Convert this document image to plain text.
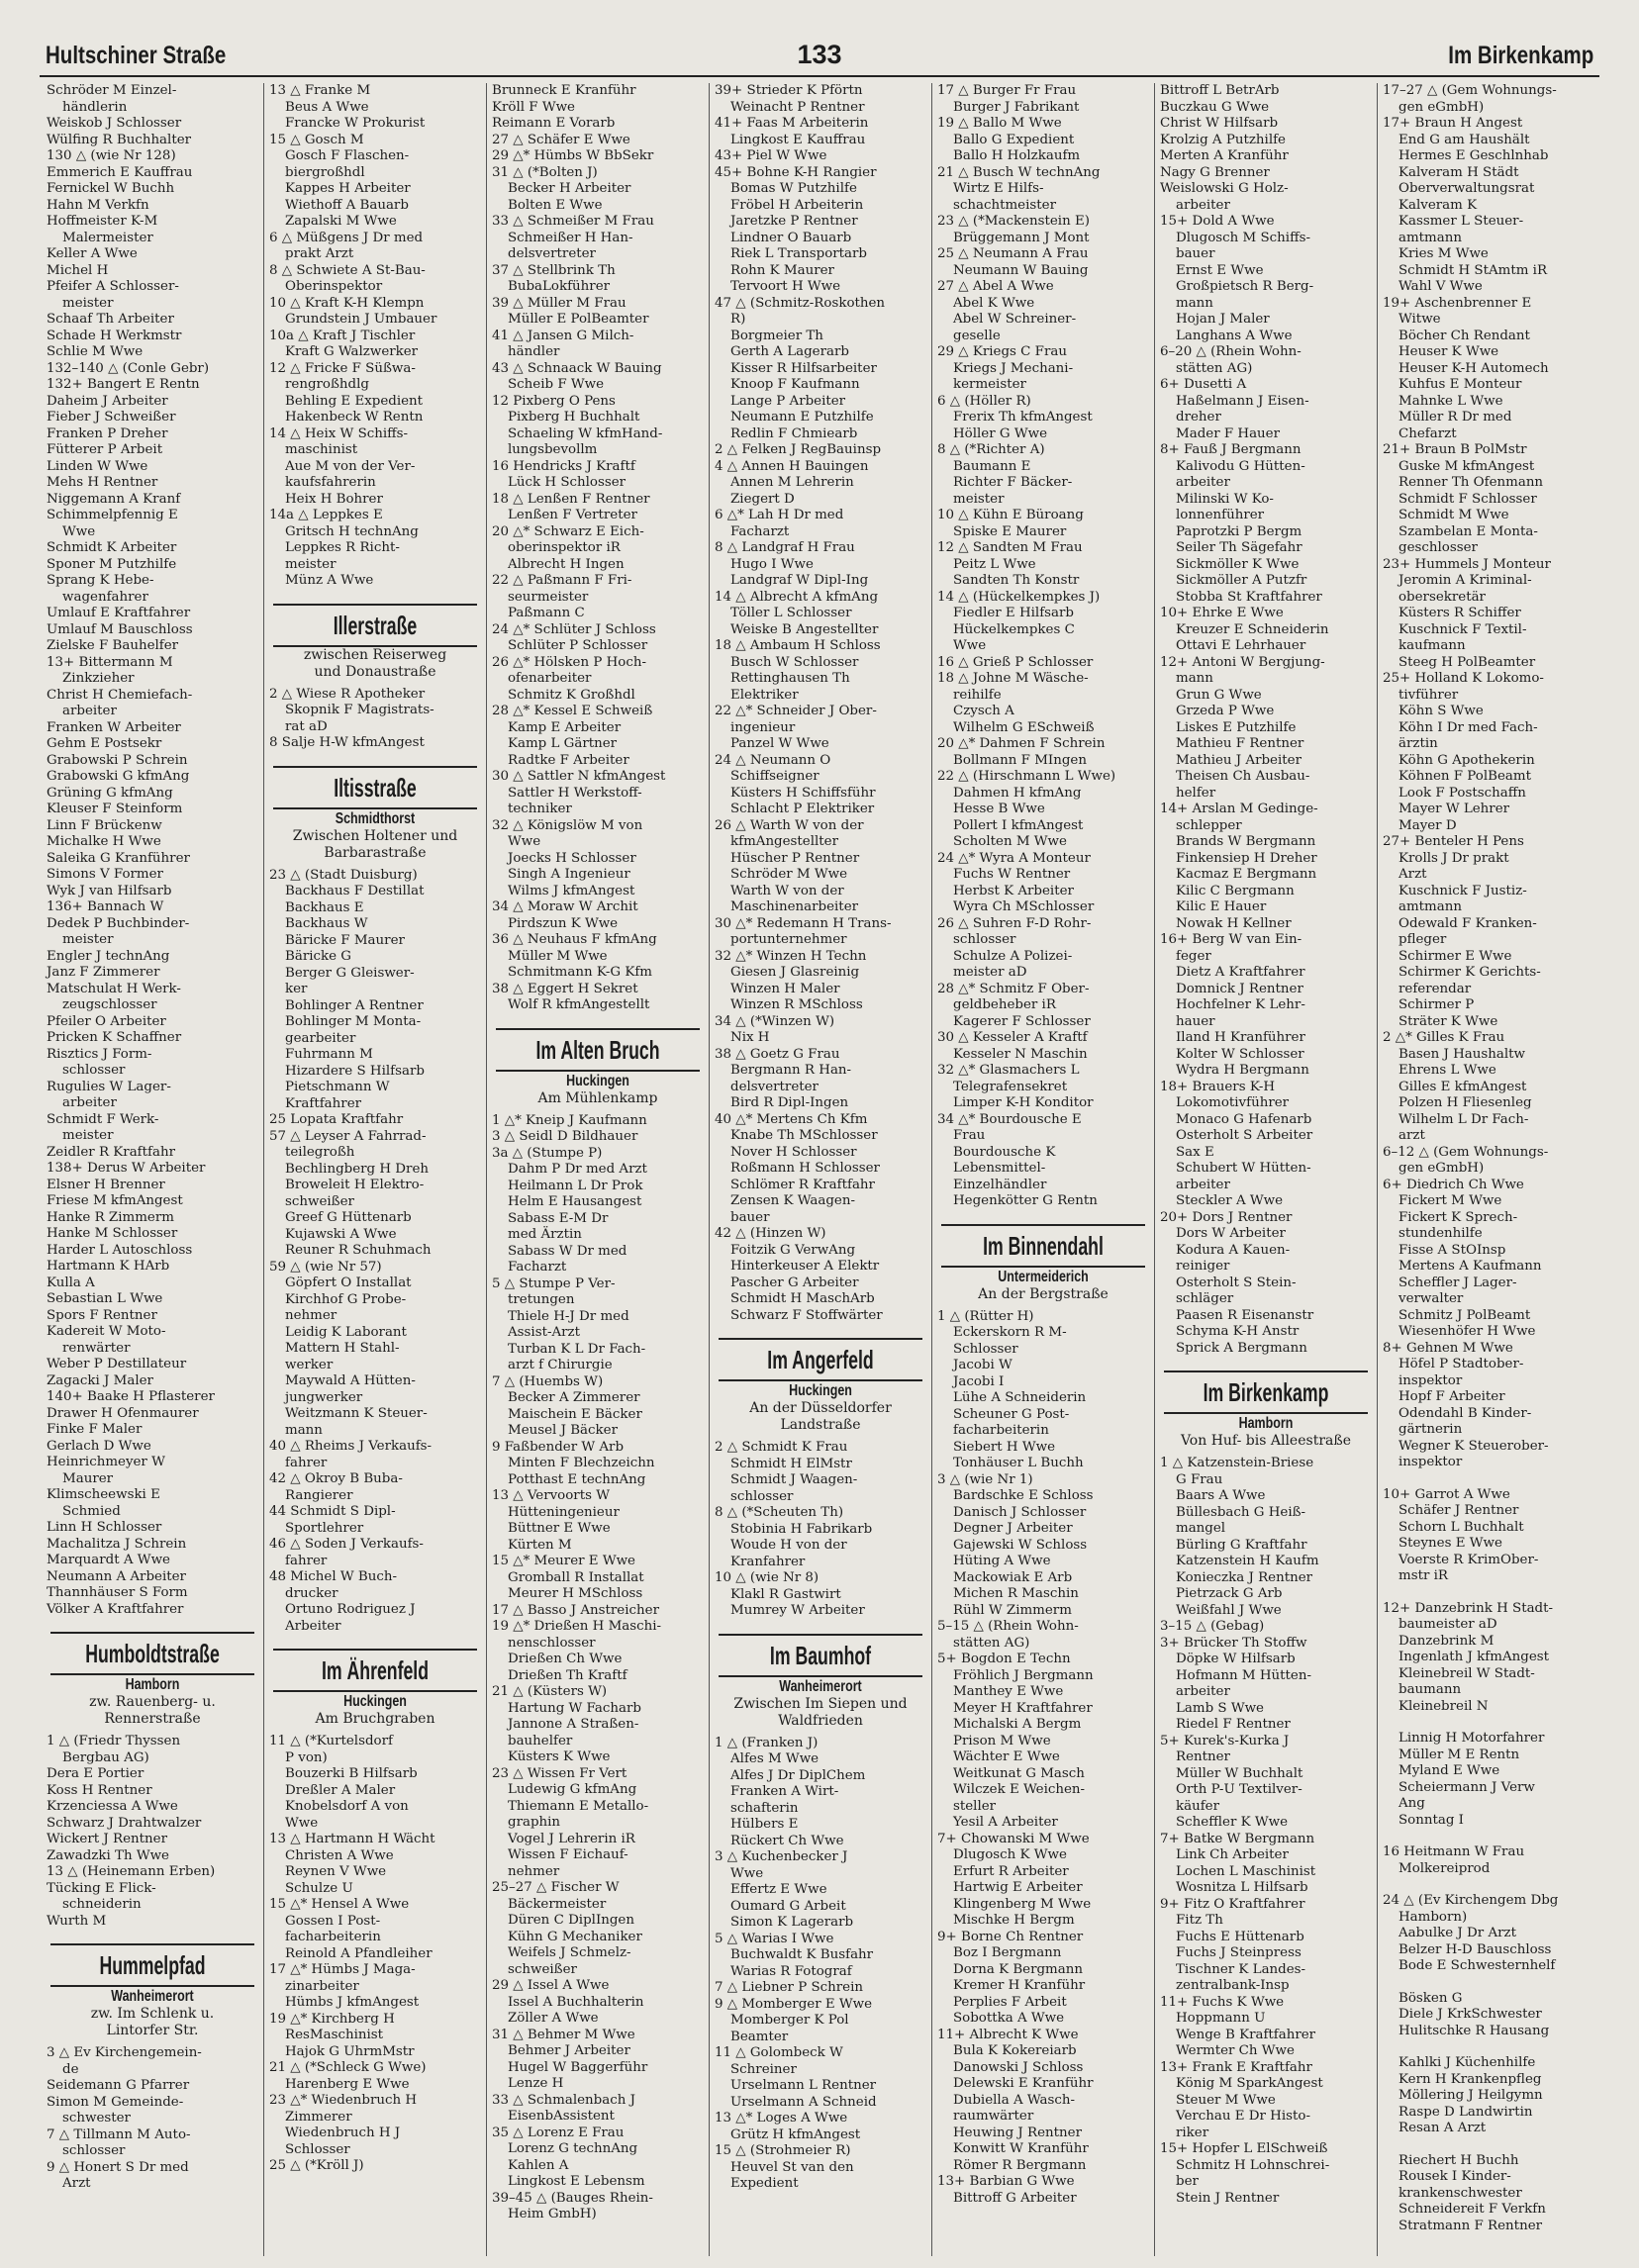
Hultschiner Straße	133	Im Birkenkamp
Schröder M Einzel-
händlerin
Weiskob J Schlosser
Wülfing R Buchhalter
130 △ (wie Nr 128)
Emmerich E Kauffrau
Fernickel W Buchh
Hahn M Verkfn
Hoffmeister K-M
Malermeister
Keller A Wwe
Michel H
Pfeifer A Schlosser-
meister
Schaaf Th Arbeiter
Schade H Werkmstr
Schlie M Wwe
132–140 △ (Conle Gebr)
132+ Bangert E Rentn
Daheim J Arbeiter
Fieber J Schweißer
Franken P Dreher
Fütterer P Arbeit
Linden W Wwe
Mehs H Rentner
Niggemann A Kranf
Schimmelpfennig E
Wwe
Schmidt K Arbeiter
Sponer M Putzhilfe
Sprang K Hebe-
wagenfahrer
Umlauf E Kraftfahrer
Umlauf M Bauschloss
Zielske F Bauhelfer
13+ Bittermann M
Zinkzieher
Christ H Chemiefach-
arbeiter
Franken W Arbeiter
Gehm E Postsekr
Grabowski P Schrein
Grabowski G kfmAng
Grüning G kfmAng
Kleuser F Steinform
Linn F Brückenw
Michalke H Wwe
Saleika G Kranführer
Simons V Former
Wyk J van Hilfsarb
136+ Bannach W
Dedek P Buchbinder-
meister
Engler J technAng
Janz F Zimmerer
Matschulat H Werk-
zeugschlosser
Pfeiler O Arbeiter
Pricken K Schaffner
Risztics J Form-
schlosser
Rugulies W Lager-
arbeiter
Schmidt F Werk-
meister
Zeidler R Kraftfahr
138+ Derus W Arbeiter
Elsner H Brenner
Friese M kfmAngest
Hanke R Zimmerm
Hanke M Schlosser
Harder L Autoschloss
Hartmann K HArb
Kulla A
Sebastian L Wwe
Spors F Rentner
Kadereit W Moto-
renwärter
Weber P Destillateur
Zagacki J Maler
140+ Baake H Pflasterer
Drawer H Ofenmaurer
Finke F Maler
Gerlach D Wwe
Heinrichmeyer W
Maurer
Klimscheewski E
Schmied
Linn H Schlosser
Machalitza J Schrein
Marquardt A Wwe
Neumann A Arbeiter
Thannhäuser S Form
Völker A Kraftfahrer
Humboldtstraße
Hamborn
zw. Rauenberg- u.
Rennerstraße
1 △ (Friedr Thyssen
Bergbau AG)
Dera E Portier
Koss H Rentner
Krzenciessa A Wwe
Schwarz J Drahtwalzer
Wickert J Rentner
Zawadzki Th Wwe
13 △ (Heinemann Erben)
Tücking E Flick-
schneiderin
Wurth M
Hummelpfad
Wanheimerort
zw. Im Schlenk u.
Lintorfer Str.
3 △ Ev Kirchengemein-
de
Seidemann G Pfarrer
Simon M Gemeinde-
schwester
7 △ Tillmann M Auto-
schlosser
9 △ Honert S Dr med
Arzt
13 △ Franke M
Beus A Wwe
Francke W Prokurist
15 △ Gosch M
Gosch F Flaschen-
biergroßhdl
Kappes H Arbeiter
Wiethoff A Bauarb
Zapalski M Wwe
6 △ Müßgens J Dr med
prakt Arzt
8 △ Schwiete A St-Bau-
Oberinspektor
10 △ Kraft K-H Klempn
Grundstein J Umbauer
10a △ Kraft J Tischler
Kraft G Walzwerker
12 △ Fricke F Süßwa-
rengroßhdlg
Behling E Expedient
Hakenbeck W Rentn
14 △ Heix W Schiffs-
maschinist
Aue M von der Ver-
kaufsfahrerin
Heix H Bohrer
14a △ Leppkes E
Gritsch H technAng
Leppkes R Richt-
meister
Münz A Wwe
Illerstraße
zwischen Reiserweg
und Donaustraße
2 △ Wiese R Apotheker
Skopnik F Magistrats-
rat aD
8 Salje H-W kfmAngest
Iltisstraße
Schmidthorst
Zwischen Holtener und
Barbarastraße
23 △ (Stadt Duisburg)
Backhaus F Destillat
Backhaus E
Backhaus W
Bäricke F Maurer
Bäricke G
Berger G Gleiswer-
ker
Bohlinger A Rentner
Bohlinger M Monta-
gearbeiter
Fuhrmann M
Hizardere S Hilfsarb
Pietschmann W
Kraftfahrer
25 Lopata Kraftfahr
57 △ Leyser A Fahrrad-
teilegroßh
Bechlingberg H Dreh
Broweleit H Elektro-
schweißer
Greef G Hüttenarb
Kujawski A Wwe
Reuner R Schuhmach
59 △ (wie Nr 57)
Göpfert O Installat
Kirchhof G Probe-
nehmer
Leidig K Laborant
Mattern H Stahl-
werker
Maywald A Hütten-
jungwerker
Weitzmann K Steuer-
mann
40 △ Rheims J Verkaufs-
fahrer
42 △ Okroy B Buba-
Rangierer
44 Schmidt S Dipl-
Sportlehrer
46 △ Soden J Verkaufs-
fahrer
48 Michel W Buch-
drucker
Ortuno Rodriguez J
Arbeiter
Im Ährenfeld
Huckingen
Am Bruchgraben
11 △ (*Kurtelsdorf
P von)
Bouzerki B Hilfsarb
Dreßler A Maler
Knobelsdorf A von
Wwe
13 △ Hartmann H Wächt
Christen A Wwe
Reynen V Wwe
Schulze U
15 △* Hensel A Wwe
Gossen I Post-
facharbeiterin
Reinold A Pfandleiher
17 △* Hümbs J Maga-
zinarbeiter
Hümbs J kfmAngest
19 △* Kirchberg H
ResMaschinist
Hajok G UhrmMstr
21 △ (*Schleck G Wwe)
Harenberg E Wwe
23 △* Wiedenbruch H
Zimmerer
Wiedenbruch H J
Schlosser
25 △ (*Kröll J)
Brunneck E Kranführ
Kröll F Wwe
Reimann E Vorarb
27 △ Schäfer E Wwe
29 △* Hümbs W BbSekr
31 △ (*Bolten J)
Becker H Arbeiter
Bolten E Wwe
33 △ Schmeißer M Frau
Schmeißer H Han-
delsvertreter
37 △ Stellbrink Th
BubaLokführer
39 △ Müller M Frau
Müller E PolBeamter
41 △ Jansen G Milch-
händler
43 △ Schnaack W Bauing
Scheib F Wwe
12 Pixberg O Pens
Pixberg H Buchhalt
Schaeling W kfmHand-
lungsbevollm
16 Hendricks J Kraftf
Lück H Schlosser
18 △ Lenßen F Rentner
Lenßen F Vertreter
20 △* Schwarz E Eich-
oberinspektor iR
Albrecht H Ingen
22 △ Paßmann F Fri-
seurmeister
Paßmann C
24 △* Schlüter J Schloss
Schlüter P Schlosser
26 △* Hölsken P Hoch-
ofenarbeiter
Schmitz K Großhdl
28 △* Kessel E Schweiß
Kamp E Arbeiter
Kamp L Gärtner
Radtke F Arbeiter
30 △ Sattler N kfmAngest
Sattler H Werkstoff-
techniker
32 △ Königslöw M von
Wwe
Joecks H Schlosser
Singh A Ingenieur
Wilms J kfmAngest
34 △ Moraw W Archit
Pirdszun K Wwe
36 △ Neuhaus F kfmAng
Müller M Wwe
Schmitmann K-G Kfm
38 △ Eggert H Sekret
Wolf R kfmAngestellt
Im Alten Bruch
Huckingen
Am Mühlenkamp
1 △* Kneip J Kaufmann
3 △ Seidl D Bildhauer
3a △ (Stumpe P)
Dahm P Dr med Arzt
Heilmann L Dr Prok
Helm E Hausangest
Sabass E-M Dr
med Ärztin
Sabass W Dr med
Facharzt
5 △ Stumpe P Ver-
tretungen
Thiele H-J Dr med
Assist-Arzt
Turban K L Dr Fach-
arzt f Chirurgie
7 △ (Huembs W)
Becker A Zimmerer
Maischein E Bäcker
Meusel J Bäcker
9 Faßbender W Arb
Minten F Blechzeichn
Potthast E technAng
13 △ Vervoorts W
Hütteningenieur
Büttner E Wwe
Kürten M
15 △* Meurer E Wwe
Gromball R Installat
Meurer H MSchloss
17 △ Basso J Anstreicher
19 △* Drießen H Maschi-
nenschlosser
Drießen Ch Wwe
Drießen Th Kraftf
21 △ (Küsters W)
Hartung W Facharb
Jannone A Straßen-
bauhelfer
Küsters K Wwe
23 △ Wissen Fr Vert
Ludewig G kfmAng
Thiemann E Metallo-
graphin
Vogel J Lehrerin iR
Wissen F Eichauf-
nehmer
25–27 △ Fischer W
Bäckermeister
Düren C DiplIngen
Kühn G Mechaniker
Weifels J Schmelz-
schweißer
29 △ Issel A Wwe
Issel A Buchhalterin
Zöller A Wwe
31 △ Behmer M Wwe
Behmer J Arbeiter
Hugel W Baggerführ
Lenze H
33 △ Schmalenbach J
EisenbAssistent
35 △ Lorenz E Frau
Lorenz G technAng
Kahlen A
Lingkost E Lebensm
39–45 △ (Bauges Rhein-
Heim GmbH)
39+ Strieder K Pförtn
Weinacht P Rentner
41+ Faas M Arbeiterin
Lingkost E Kauffrau
43+ Piel W Wwe
45+ Bohne K-H Rangier
Bomas W Putzhilfe
Fröbel H Arbeiterin
Jaretzke P Rentner
Lindner O Bauarb
Riek L Transportarb
Rohn K Maurer
Tervoort H Wwe
47 △ (Schmitz-Roskothen
R)
Borgmeier Th
Gerth A Lagerarb
Kisser R Hilfsarbeiter
Knoop F Kaufmann
Lange P Arbeiter
Neumann E Putzhilfe
Redlin F Chmiearb
2 △ Felken J RegBauinsp
4 △ Annen H Bauingen
Annen M Lehrerin
Ziegert D
6 △* Lah H Dr med
Facharzt
8 △ Landgraf H Frau
Hugo I Wwe
Landgraf W Dipl-Ing
14 △ Albrecht A kfmAng
Töller L Schlosser
Weiske B Angestellter
18 △ Ambaum H Schloss
Busch W Schlosser
Rettinghausen Th
Elektriker
22 △* Schneider J Ober-
ingenieur
Panzel W Wwe
24 △ Neumann O
Schiffseigner
Küsters H Schiffsführ
Schlacht P Elektriker
26 △ Warth W von der
kfmAngestellter
Hüscher P Rentner
Schröder M Wwe
Warth W von der
Maschinenarbeiter
30 △* Redemann H Trans-
portunternehmer
32 △* Winzen H Techn
Giesen J Glasreinig
Winzen H Maler
Winzen R MSchloss
34 △ (*Winzen W)
Nix H
38 △ Goetz G Frau
Bergmann R Han-
delsvertreter
Bird R Dipl-Ingen
40 △* Mertens Ch Kfm
Knabe Th MSchlosser
Nover H Schlosser
Roßmann H Schlosser
Schlömer R Kraftfahr
Zensen K Waagen-
bauer
42 △ (Hinzen W)
Foitzik G VerwAng
Hinterkeuser A Elektr
Pascher G Arbeiter
Schmidt H MaschArb
Schwarz F Stoffwärter
Im Angerfeld
Huckingen
An der Düsseldorfer
Landstraße
2 △ Schmidt K Frau
Schmidt H ElMstr
Schmidt J Waagen-
schlosser
8 △ (*Scheuten Th)
Stobinia H Fabrikarb
Woude H von der
Kranfahrer
10 △ (wie Nr 8)
Klakl R Gastwirt
Mumrey W Arbeiter
Im Baumhof
Wanheimerort
Zwischen Im Siepen und
Waldfrieden
1 △ (Franken J)
Alfes M Wwe
Alfes J Dr DiplChem
Franken A Wirt-
schafterin
Hülbers E
Rückert Ch Wwe
3 △ Kuchenbecker J
Wwe
Effertz E Wwe
Oumard G Arbeit
Simon K Lagerarb
5 △ Warias I Wwe
Buchwaldt K Busfahr
Warias R Fotograf
7 △ Liebner P Schrein
9 △ Momberger E Wwe
Momberger K Pol
Beamter
11 △ Golombeck W
Schreiner
Urselmann L Rentner
Urselmann A Schneid
13 △* Loges A Wwe
Grütz H kfmAngest
15 △ (Strohmeier R)
Heuvel St van den
Expedient
17 △ Burger Fr Frau
Burger J Fabrikant
19 △ Ballo M Wwe
Ballo G Expedient
Ballo H Holzkaufm
21 △ Busch W technAng
Wirtz E Hilfs-
schachtmeister
23 △ (*Mackenstein E)
Brüggemann J Mont
25 △ Neumann A Frau
Neumann W Bauing
27 △ Abel A Wwe
Abel K Wwe
Abel W Schreiner-
geselle
29 △ Kriegs C Frau
Kriegs J Mechani-
kermeister
6 △ (Höller R)
Frerix Th kfmAngest
Höller G Wwe
8 △ (*Richter A)
Baumann E
Richter F Bäcker-
meister
10 △ Kühn E Büroang
Spiske E Maurer
12 △ Sandten M Frau
Peitz L Wwe
Sandten Th Konstr
14 △ (Hückelkempkes J)
Fiedler E Hilfsarb
Hückelkempkes C
Wwe
16 △ Grieß P Schlosser
18 △ Johne M Wäsche-
reihilfe
Czysch A
Wilhelm G ESchweiß
20 △* Dahmen F Schrein
Bollmann F MIngen
22 △ (Hirschmann L Wwe)
Dahmen H kfmAng
Hesse B Wwe
Pollert I kfmAngest
Scholten M Wwe
24 △* Wyra A Monteur
Fuchs W Rentner
Herbst K Arbeiter
Wyra Ch MSchlosser
26 △ Suhren F-D Rohr-
schlosser
Schulze A Polizei-
meister aD
28 △* Schmitz F Ober-
geldbeheber iR
Kagerer F Schlosser
30 △ Kesseler A Kraftf
Kesseler N Maschin
32 △* Glasmachers L
Telegrafensekret
Limper K-H Konditor
34 △* Bourdousche E
Frau
Bourdousche K
Lebensmittel-
Einzelhändler
Hegenkötter G Rentn
Im Binnendahl
Untermeiderich
An der Bergstraße
1 △ (Rütter H)
Eckerskorn R M-
Schlosser
Jacobi W
Jacobi I
Lühe A Schneiderin
Scheuner G Post-
facharbeiterin
Siebert H Wwe
Tonhäuser L Buchh
3 △ (wie Nr 1)
Bardschke E Schloss
Danisch J Schlosser
Degner J Arbeiter
Gajewski W Schloss
Hüting A Wwe
Mackowiak E Arb
Michen R Maschin
Rühl W Zimmerm
5–15 △ (Rhein Wohn-
stätten AG)
5+ Bogdon E Techn
Fröhlich J Bergmann
Manthey E Wwe
Meyer H Kraftfahrer
Michalski A Bergm
Prison M Wwe
Wächter E Wwe
Weitkunat G Masch
Wilczek E Weichen-
steller
Yesil A Arbeiter
7+ Chowanski M Wwe
Dlugosch K Wwe
Erfurt R Arbeiter
Hartwig E Arbeiter
Klingenberg M Wwe
Mischke H Bergm
9+ Borne Ch Rentner
Boz I Bergmann
Dorna K Bergmann
Kremer H Kranführ
Perplies F Arbeit
Sobottka A Wwe
11+ Albrecht K Wwe
Bula K Kokereiarb
Danowski J Schloss
Delewski E Kranführ
Dubiella A Wasch-
raumwärter
Heuwing J Rentner
Konwitt W Kranführ
Römer R Bergmann
13+ Barbian G Wwe
Bittroff G Arbeiter
Bittroff L BetrArb
Buczkau G Wwe
Christ W Hilfsarb
Krolzig A Putzhilfe
Merten A Kranführ
Nagy G Brenner
Weislowski G Holz-
arbeiter
15+ Dold A Wwe
Dlugosch M Schiffs-
bauer
Ernst E Wwe
Großpietsch R Berg-
mann
Hojan J Maler
Langhans A Wwe
6–20 △ (Rhein Wohn-
stätten AG)
6+ Dusetti A
Haßelmann J Eisen-
dreher
Mader F Hauer
8+ Fauß J Bergmann
Kalivodu G Hütten-
arbeiter
Milinski W Ko-
lonnenführer
Paprotzki P Bergm
Seiler Th Sägefahr
Sickmöller K Wwe
Sickmöller A Putzfr
Stobba St Kraftfahrer
10+ Ehrke E Wwe
Kreuzer E Schneiderin
Ottavi E Lehrhauer
12+ Antoni W Bergjung-
mann
Grun G Wwe
Grzeda P Wwe
Liskes E Putzhilfe
Mathieu F Rentner
Mathieu J Arbeiter
Theisen Ch Ausbau-
helfer
14+ Arslan M Gedinge-
schlepper
Brands W Bergmann
Finkensiep H Dreher
Kacmaz E Bergmann
Kilic C Bergmann
Kilic E Hauer
Nowak H Kellner
16+ Berg W van Ein-
feger
Dietz A Kraftfahrer
Domnick J Rentner
Hochfelner K Lehr-
hauer
Iland H Kranführer
Kolter W Schlosser
Wydra H Bergmann
18+ Brauers K-H
Lokomotivführer
Monaco G Hafenarb
Osterholt S Arbeiter
Sax E
Schubert W Hütten-
arbeiter
Steckler A Wwe
20+ Dors J Rentner
Dors W Arbeiter
Kodura A Kauen-
reiniger
Osterholt S Stein-
schläger
Paasen R Eisenanstr
Schyma K-H Anstr
Sprick A Bergmann
Im Birkenkamp
Hamborn
Von Huf- bis Alleestraße
1 △ Katzenstein-Briese
G Frau
Baars A Wwe
Büllesbach G Heiß-
mangel
Bürling G Kraftfahr
Katzenstein H Kaufm
Konieczka J Rentner
Pietrzack G Arb
Weißfahl J Wwe
3–15 △ (Gebag)
3+ Brücker Th Stoffw
Döpke W Hilfsarb
Hofmann M Hütten-
arbeiter
Lamb S Wwe
Riedel F Rentner
5+ Kurek's-Kurka J
Rentner
Müller W Buchhalt
Orth P-U Textilver-
käufer
Scheffler K Wwe
7+ Batke W Bergmann
Link Ch Arbeiter
Lochen L Maschinist
Wosnitza L Hilfsarb
9+ Fitz O Kraftfahrer
Fitz Th
Fuchs E Hüttenarb
Fuchs J Steinpress
Tischner K Landes-
zentralbank-Insp
11+ Fuchs K Wwe
Hoppmann U
Wenge B Kraftfahrer
Wermter Ch Wwe
13+ Frank E Kraftfahr
König M SparkAngest
Steuer M Wwe
Verchau E Dr Histo-
riker
15+ Hopfer L ElSchweiß
Schmitz H Lohnschrei-
ber
Stein J Rentner
17–27 △ (Gem Wohnungs-
gen eGmbH)
17+ Braun H Angest
End G am Haushält
Hermes E Geschlnhab
Kalveram H Städt
Oberverwaltungsrat
Kalveram K
Kassmer L Steuer-
amtmann
Kries M Wwe
Schmidt H StAmtm iR
Wahl V Wwe
19+ Aschenbrenner E
Witwe
Böcher Ch Rendant
Heuser K Wwe
Heuser K-H Automech
Kuhfus E Monteur
Mahnke L Wwe
Müller R Dr med
Chefarzt
21+ Braun B PolMstr
Guske M kfmAngest
Renner Th Ofenmann
Schmidt F Schlosser
Schmidt M Wwe
Szambelan E Monta-
geschlosser
23+ Hummels J Monteur
Jeromin A Kriminal-
obersekretär
Küsters R Schiffer
Kuschnick F Textil-
kaufmann
Steeg H PolBeamter
25+ Holland K Lokomo-
tivführer
Köhn S Wwe
Köhn I Dr med Fach-
ärztin
Köhn G Apothekerin
Köhnen F PolBeamt
Look F Postschaffn
Mayer W Lehrer
Mayer D
27+ Benteler H Pens
Krolls J Dr prakt
Arzt
Kuschnick F Justiz-
amtmann
Odewald F Kranken-
pfleger
Schirmer E Wwe
Schirmer K Gerichts-
referendar
Schirmer P
Sträter K Wwe
2 △* Gilles K Frau
Basen J Haushaltw
Ehrens L Wwe
Gilles E kfmAngest
Polzen H Fliesenleg
Wilhelm L Dr Fach-
arzt
6–12 △ (Gem Wohnungs-
gen eGmbH)
6+ Diedrich Ch Wwe
Fickert M Wwe
Fickert K Sprech-
stundenhilfe
Fisse A StOInsp
Mertens A Kaufmann
Scheffler J Lager-
verwalter
Schmitz J PolBeamt
Wiesenhöfer H Wwe
8+ Gehnen M Wwe
Höfel P Stadtober-
inspektor
Hopf F Arbeiter
Odendahl B Kinder-
gärtnerin
Wegner K Steuerober-
inspektor
10+ Garrot A Wwe
Schäfer J Rentner
Schorn L Buchhalt
Steynes E Wwe
Voerste R KrimOber-
mstr iR
12+ Danzebrink H Stadt-
baumeister aD
Danzebrink M
Ingenlath J kfmAngest
Kleinebreil W Stadt-
baumann
Kleinebreil N
Linnig H Motorfahrer
Müller M E Rentn
Myland E Wwe
Scheiermann J Verw
Ang
Sonntag I
16 Heitmann W Frau
Molkereiprod
24 △ (Ev Kirchengem Dbg
Hamborn)
Aabulke J Dr Arzt
Belzer H-D Bauschloss
Bode E Schwesternhelf
Bösken G
Diele J KrkSchwester
Hulitschke R Hausang
Kahlki J Küchenhilfe
Kern H Krankenpfleg
Möllering J Heilgymn
Raspe D Landwirtin
Resan A Arzt
Riechert H Buchh
Rousek I Kinder-
krankenschwester
Schneidereit F Verkfn
Stratmann F Rentner
